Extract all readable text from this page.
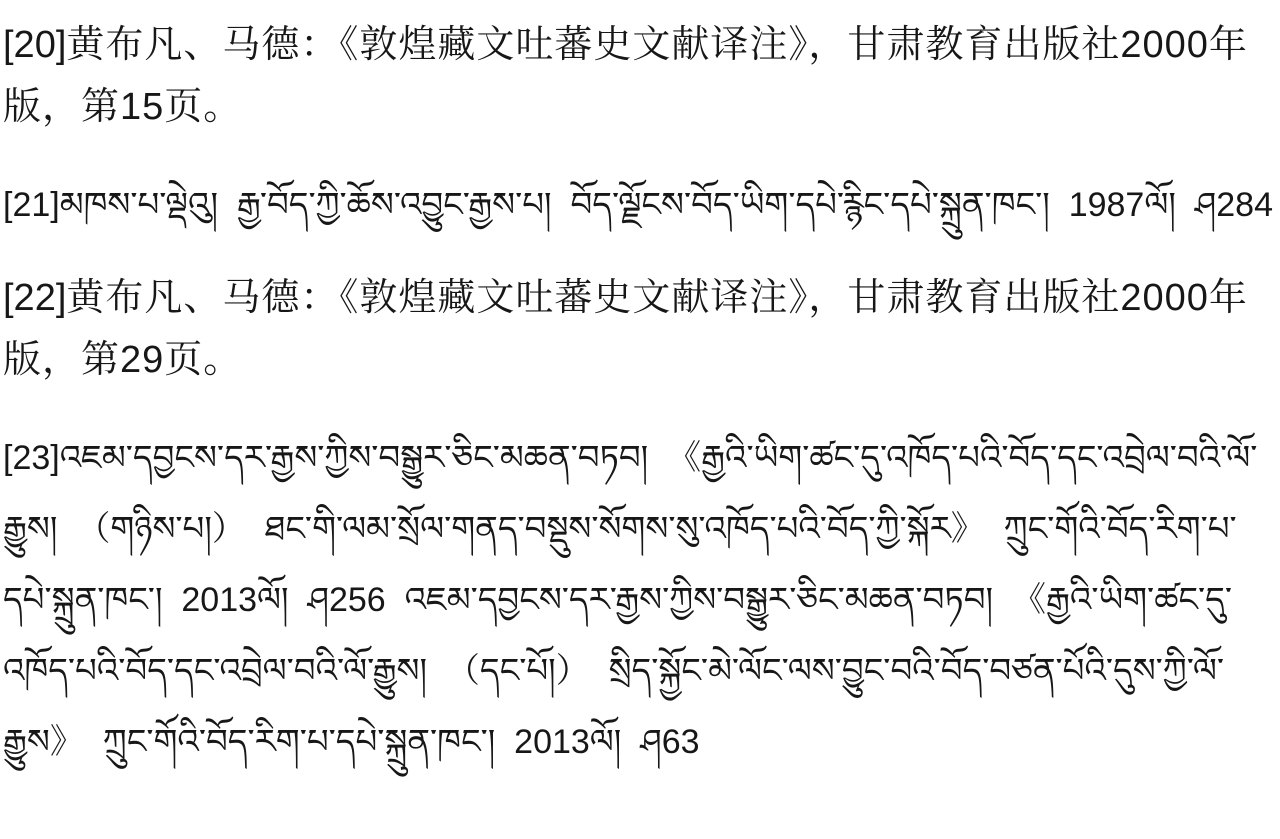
[20]黄布凡、马德：《敦煌藏文吐蕃史文献译注》，甘肃教育出版社2000年版，第15页。

[21]མཁས་པ་ལྡེའུ།  རྒྱ་བོད་ཀྱི་ཆོས་འབྱུང་རྒྱས་པ།  བོད་ལྗོངས་བོད་ཡིག་དཔེ་རྙིང་དཔེ་སྐྲུན་ཁང་།  1987ལོ།  ཤ284

[22]黄布凡、马德：《敦煌藏文吐蕃史文献译注》，甘肃教育出版社2000年版，第29页。

[23]འཇམ་དབྱངས་དར་རྒྱས་ཀྱིས་བསྒྱུར་ཅིང་མཆན་བཏབ།  《རྒྱའི་ཡིག་ཚང་དུ་འཁོད་པའི་བོད་དང་འབྲེལ་བའི་ལོ་རྒྱུས།  （གཉིས་པ།）  ཐང་གི་ལམ་སྲོལ་གནད་བསྡུས་སོགས་སུ་འཁོད་པའི་བོད་ཀྱི་སྐོར》  ཀྲུང་གོའི་བོད་རིག་པ་དཔེ་སྐྲུན་ཁང་།  2013ལོ།  ཤ256  འཇམ་དབྱངས་དར་རྒྱས་ཀྱིས་བསྒྱུར་ཅིང་མཆན་བཏབ།  《རྒྱའི་ཡིག་ཚང་དུ་འཁོད་པའི་བོད་དང་འབྲེལ་བའི་ལོ་རྒྱུས།  （དང་པོ།）  སྲིད་སྐྱོང་མེ་ལོང་ལས་བྱུང་བའི་བོད་བཙན་པོའི་དུས་ཀྱི་ལོ་རྒྱུས》  ཀྲུང་གོའི་བོད་རིག་པ་དཔེ་སྐྲུན་ཁང་།  2013ལོ།  ཤ63
